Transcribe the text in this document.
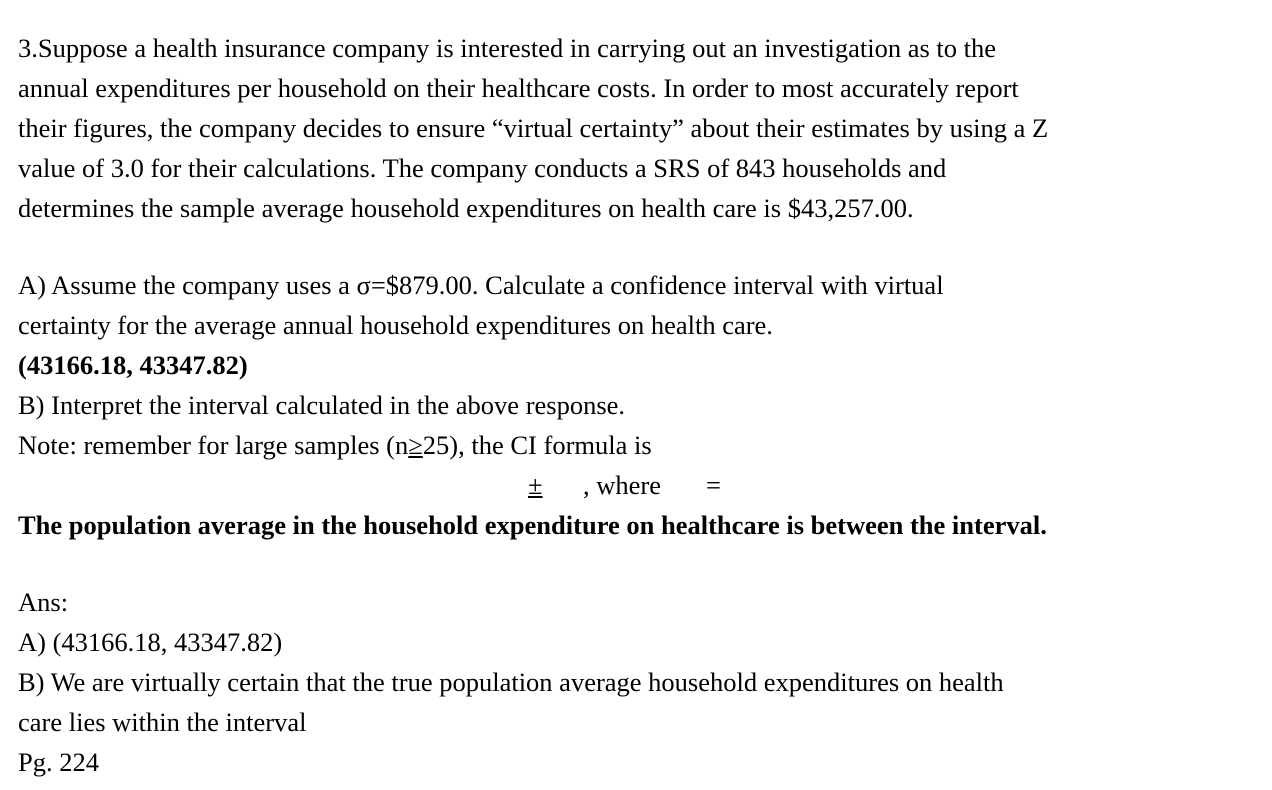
3.Suppose a health insurance company is interested in carrying out an investigation as to the
annual expenditures per household on their healthcare costs. In order to most accurately report
their figures, the company decides to ensure “virtual certainty” about their estimates by using a Z
value of 3.0 for their calculations. The company conducts a SRS of 843 households and
determines the sample average household expenditures on health care is $43,257.00.
A) Assume the company uses a σ=$879.00. Calculate a confidence interval with virtual
certainty for the average annual household expenditures on health care.
(43166.18, 43347.82)
B) Interpret the interval calculated in the above response.
Note: remember for large samples (n≥25), the CI formula is
± , where =
The population average in the household expenditure on healthcare is between the interval.
Ans:
A) (43166.18, 43347.82)
B) We are virtually certain that the true population average household expenditures on health
care lies within the interval
Pg. 224
